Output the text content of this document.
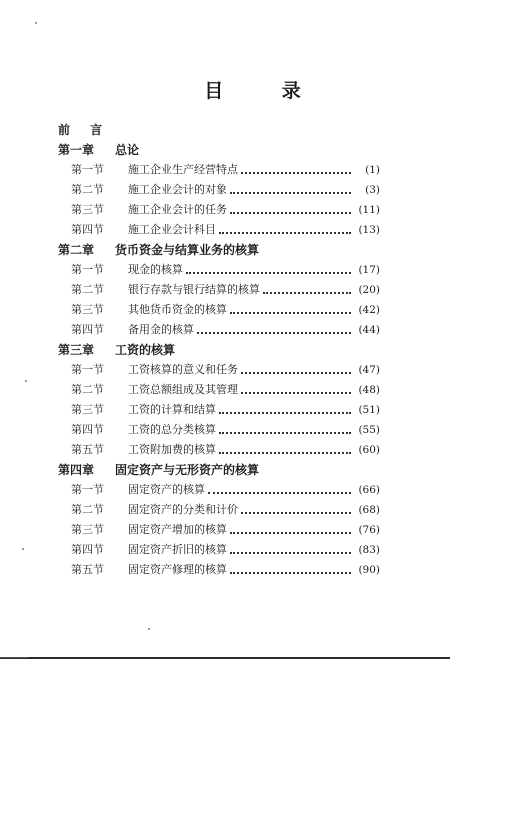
目 录
前 言
第一章 总论
第一节	施工企业生产经营特点	(1)
第二节	施工企业会计的对象	(3)
第三节	施工企业会计的任务	(11)
第四节	施工企业会计科目	(13)
第二章 货币资金与结算业务的核算
第一节	现金的核算	(17)
第二节	银行存款与银行结算的核算	(20)
第三节	其他货币资金的核算	(42)
第四节	备用金的核算	(44)
第三章 工资的核算
第一节	工资核算的意义和任务	(47)
第二节	工资总额组成及其管理	(48)
第三节	工资的计算和结算	(51)
第四节	工资的总分类核算	(55)
第五节	工资附加费的核算	(60)
第四章 固定资产与无形资产的核算
第一节	固定资产的核算	(66)
第二节	固定资产的分类和计价	(68)
第三节	固定资产增加的核算	(76)
第四节	固定资产折旧的核算	(83)
第五节	固定资产修理的核算	(90)
